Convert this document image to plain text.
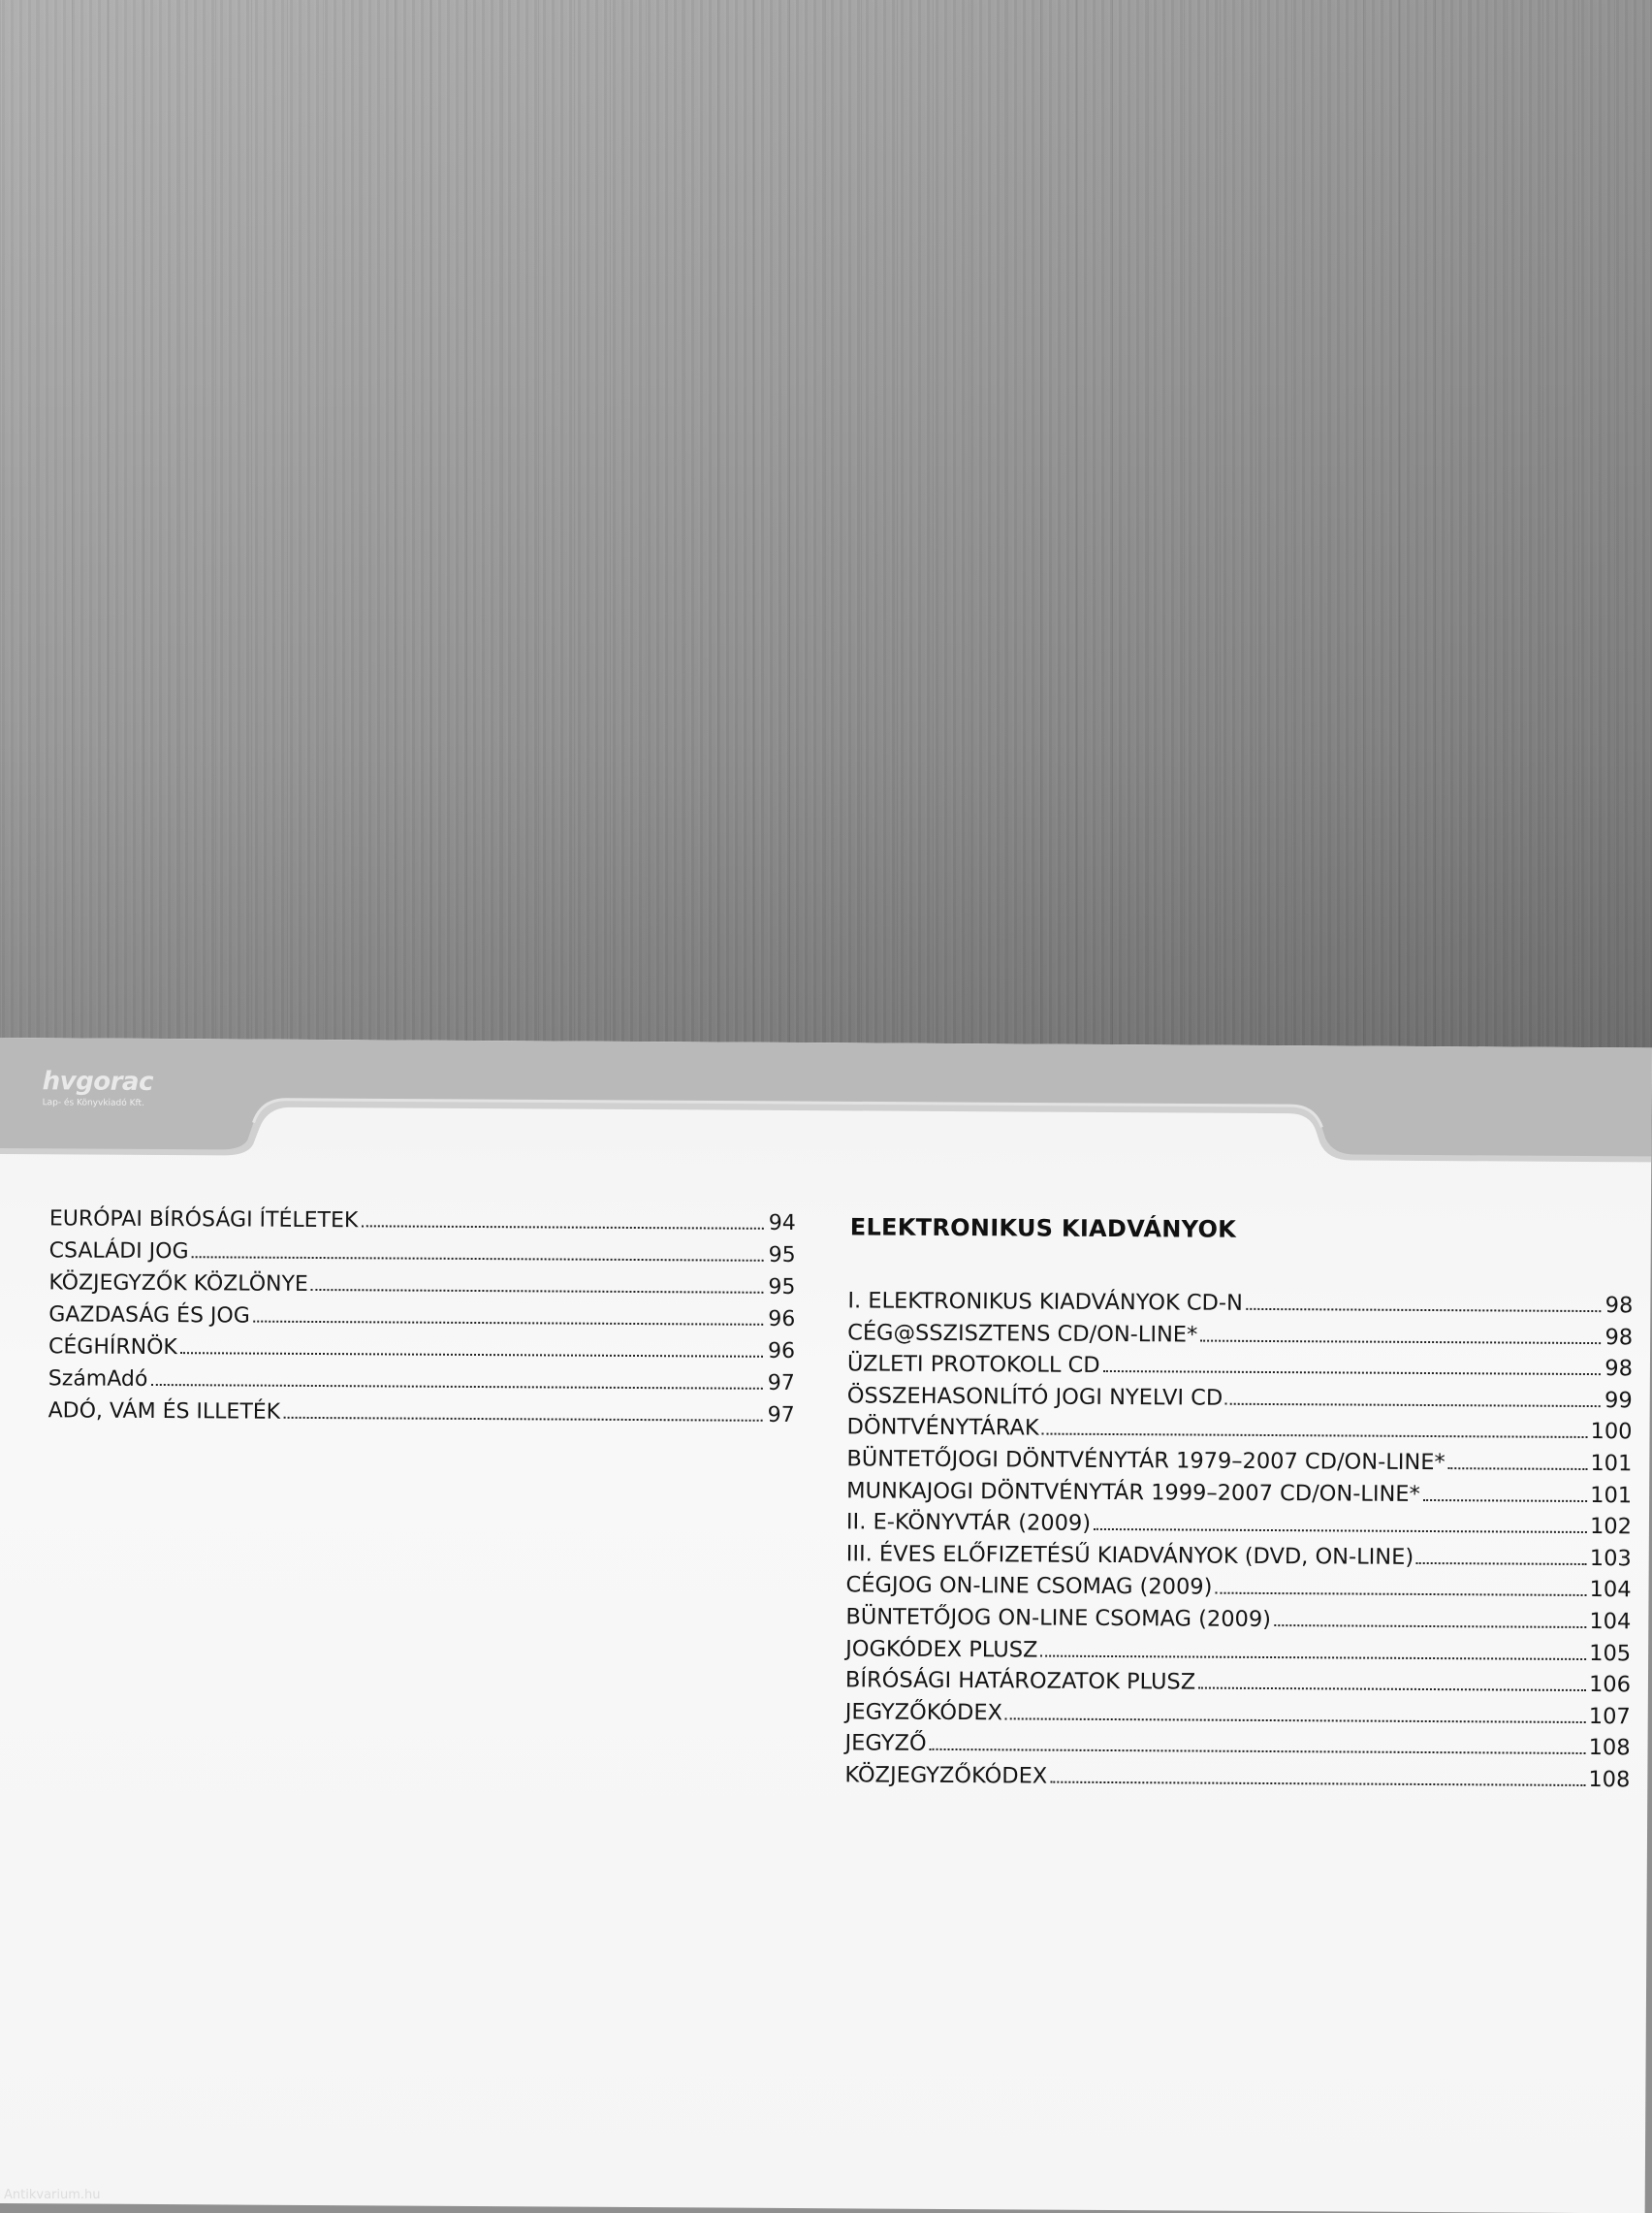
hvgorac
Lap- és Könyvkiadó Kft.
EURÓPAI BÍRÓSÁGI ÍTÉLETEK	94
CSALÁDI JOG	95
KÖZJEGYZŐK KÖZLÖNYE	95
GAZDASÁG ÉS JOG	96
CÉGHÍRNÖK	96
SzámAdó	97
ADÓ, VÁM ÉS ILLETÉK	97
ELEKTRONIKUS KIADVÁNYOK
I. ELEKTRONIKUS KIADVÁNYOK CD-N	98
CÉG@SSZISZTENS CD/ON-LINE*	98
ÜZLETI PROTOKOLL CD	98
ÖSSZEHASONLÍTÓ JOGI NYELVI CD	99
DÖNTVÉNYTÁRAK	100
BÜNTETŐJOGI DÖNTVÉNYTÁR 1979–2007 CD/ON-LINE*	101
MUNKAJOGI DÖNTVÉNYTÁR 1999–2007 CD/ON-LINE*	101
II. E-KÖNYVTÁR (2009)	102
III. ÉVES ELŐFIZETÉSŰ KIADVÁNYOK (DVD, ON-LINE)	103
CÉGJOG ON-LINE CSOMAG (2009)	104
BÜNTETŐJOG ON-LINE CSOMAG (2009)	104
JOGKÓDEX PLUSZ	105
BÍRÓSÁGI HATÁROZATOK PLUSZ	106
JEGYZŐKÓDEX	107
JEGYZŐ	108
KÖZJEGYZŐKÓDEX	108
Antikvarium.hu
